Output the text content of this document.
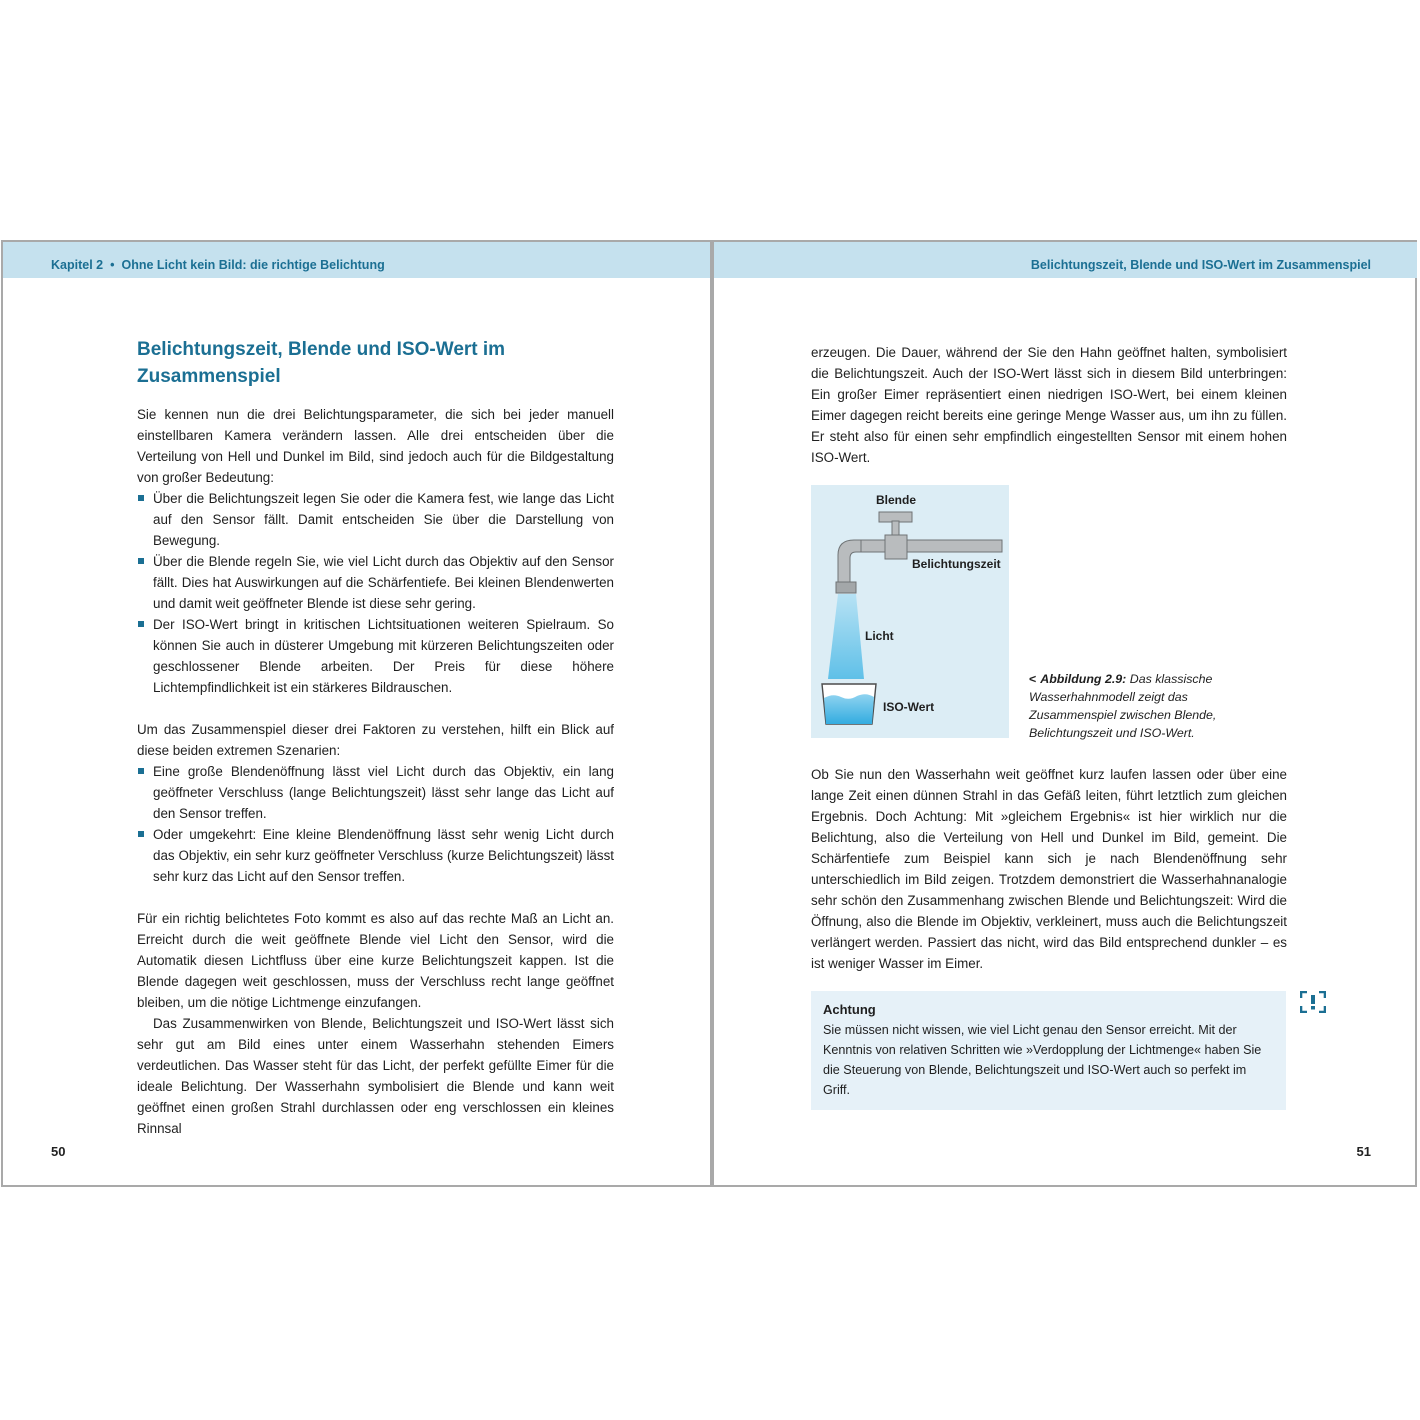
Kapitel 2 • Ohne Licht kein Bild: die richtige Belichtung
Belichtungszeit, Blende und ISO-Wert im Zusammenspiel

Sie kennen nun die drei Belichtungsparameter, die sich bei jeder manuell einstellbaren Kamera verändern lassen. Alle drei entscheiden über die Verteilung von Hell und Dunkel im Bild, sind jedoch auch für die Bildgestaltung von großer Bedeutung:

Über die Belichtungszeit legen Sie oder die Kamera fest, wie lange das Licht auf den Sensor fällt. Damit entscheiden Sie über die Darstellung von Bewegung.
Über die Blende regeln Sie, wie viel Licht durch das Objektiv auf den Sensor fällt. Dies hat Auswirkungen auf die Schärfentiefe. Bei kleinen Blendenwerten und damit weit geöffneter Blende ist diese sehr gering.
Der ISO-Wert bringt in kritischen Lichtsituationen weiteren Spielraum. So können Sie auch in düsterer Umgebung mit kürzeren Belichtungszeiten oder geschlossener Blende arbeiten. Der Preis für diese höhere Lichtempfindlichkeit ist ein stärkeres Bildrauschen.

Um das Zusammenspiel dieser drei Faktoren zu verstehen, hilft ein Blick auf diese beiden extremen Szenarien:

Eine große Blendenöffnung lässt viel Licht durch das Objektiv, ein lang geöffneter Verschluss (lange Belichtungszeit) lässt sehr lange das Licht auf den Sensor treffen.
Oder umgekehrt: Eine kleine Blendenöffnung lässt sehr wenig Licht durch das Objektiv, ein sehr kurz geöffneter Verschluss (kurze Belichtungszeit) lässt sehr kurz das Licht auf den Sensor treffen.

Für ein richtig belichtetes Foto kommt es also auf das rechte Maß an Licht an. Erreicht durch die weit geöffnete Blende viel Licht den Sensor, wird die Automatik diesen Lichtfluss über eine kurze Belichtungszeit kappen. Ist die Blende dagegen weit geschlossen, muss der Verschluss recht lange geöffnet bleiben, um die nötige Lichtmenge einzufangen.

Das Zusammenwirken von Blende, Belichtungszeit und ISO-Wert lässt sich sehr gut am Bild eines unter einem Wasserhahn stehenden Eimers verdeutlichen. Das Wasser steht für das Licht, der perfekt gefüllte Eimer für die ideale Belichtung. Der Wasserhahn symbolisiert die Blende und kann weit geöffnet einen großen Strahl durchlassen oder eng verschlossen ein kleines Rinnsal

50
Belichtungszeit, Blende und ISO-Wert im Zusammenspiel

erzeugen. Die Dauer, während der Sie den Hahn geöffnet halten, symbolisiert die Belichtungszeit. Auch der ISO-Wert lässt sich in diesem Bild unterbringen: Ein großer Eimer repräsentiert einen niedrigen ISO-Wert, bei einem kleinen Eimer dagegen reicht bereits eine geringe Menge Wasser aus, um ihn zu füllen. Er steht also für einen sehr empfindlich eingestellten Sensor mit einem hohen ISO-Wert.

Blende
Belichtungszeit
Licht
ISO-Wert
< Abbildung 2.9: Das klassische Wasserhahnmodell zeigt das Zusammenspiel zwischen Blende, Belichtungszeit und ISO-Wert.

Ob Sie nun den Wasserhahn weit geöffnet kurz laufen lassen oder über eine lange Zeit einen dünnen Strahl in das Gefäß leiten, führt letztlich zum gleichen Ergebnis. Doch Achtung: Mit »gleichem Ergebnis« ist hier wirklich nur die Belichtung, also die Verteilung von Hell und Dunkel im Bild, gemeint. Die Schärfentiefe zum Beispiel kann sich je nach Blendenöffnung sehr unterschiedlich im Bild zeigen. Trotzdem demonstriert die Wasserhahnanalogie sehr schön den Zusammenhang zwischen Blende und Belichtungszeit: Wird die Öffnung, also die Blende im Objektiv, verkleinert, muss auch die Belichtungszeit verlängert werden. Passiert das nicht, wird das Bild entsprechend dunkler – es ist weniger Wasser im Eimer.

Achtung
Sie müssen nicht wissen, wie viel Licht genau den Sensor erreicht. Mit der Kenntnis von relativen Schritten wie »Verdopplung der Lichtmenge« haben Sie die Steuerung von Blende, Belichtungszeit und ISO-Wert auch so perfekt im Griff.
51
